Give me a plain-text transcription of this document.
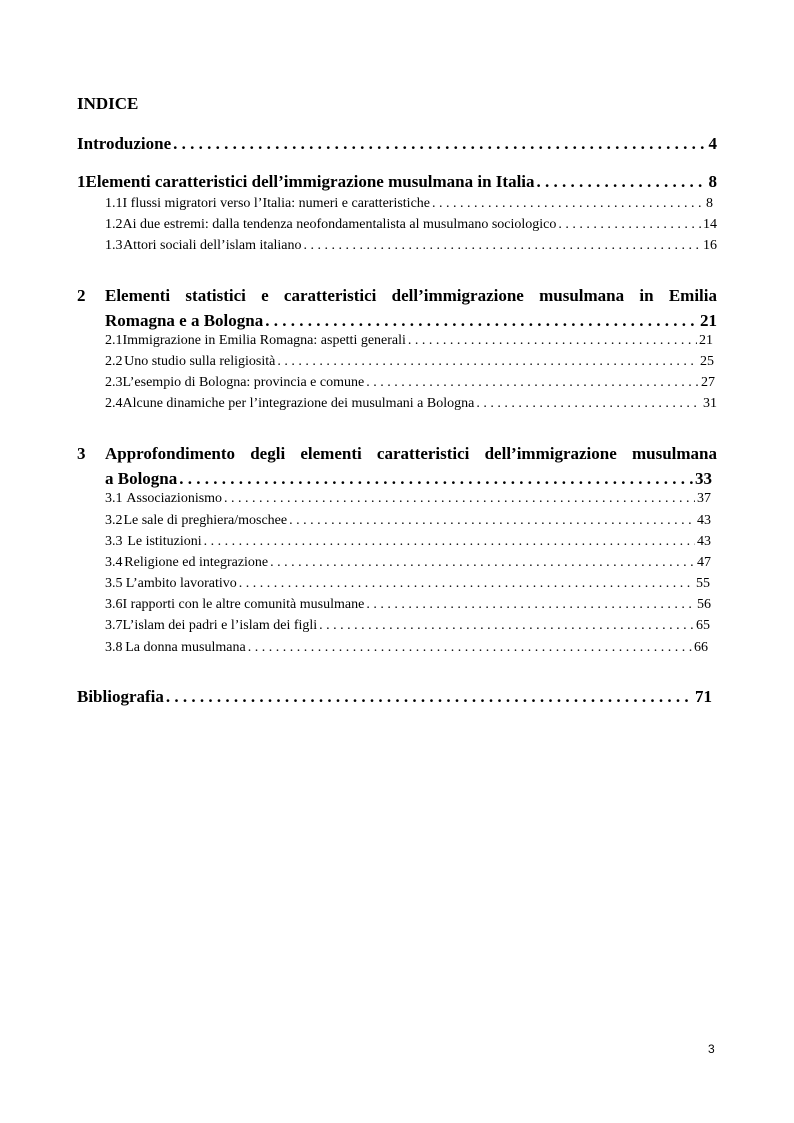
INDICE
Introduzione . . .	4
1 Elementi caratteristici dell’immigrazione musulmana in Italia . . .	8
1.1 I flussi migratori verso l’Italia: numeri e caratteristiche . . .	8
1.2 Ai due estremi: dalla tendenza neofondamentalista al musulmano sociologico . . .	14
1.3 Attori sociali dell’islam italiano . . .	16
2	Elementi statistici e caratteristici dell’immigrazione musulmana in Emilia
Romagna e a Bologna . . .	21
2.1 Immigrazione in Emilia Romagna: aspetti generali . . .	21
2.2 Uno studio sulla religiosità . . .	25
2.3 L’esempio di Bologna: provincia e comune . . .	27
2.4 Alcune dinamiche per l’integrazione dei musulmani a Bologna . . .	31
3	Approfondimento degli elementi caratteristici dell’immigrazione musulmana
a Bologna . . .	33
3.1 Associazionismo . . .	37
3.2 Le sale di preghiera/moschee . . .	43
3.3 Le istituzioni . . .	43
3.4 Religione ed integrazione . . .	47
3.5 L’ambito lavorativo . . .	55
3.6 I rapporti con le altre comunità musulmane . . .	56
3.7 L’islam dei padri e l’islam dei figli . . .	65
3.8 La donna musulmana . . .	66
Bibliografia . . .	71
3
